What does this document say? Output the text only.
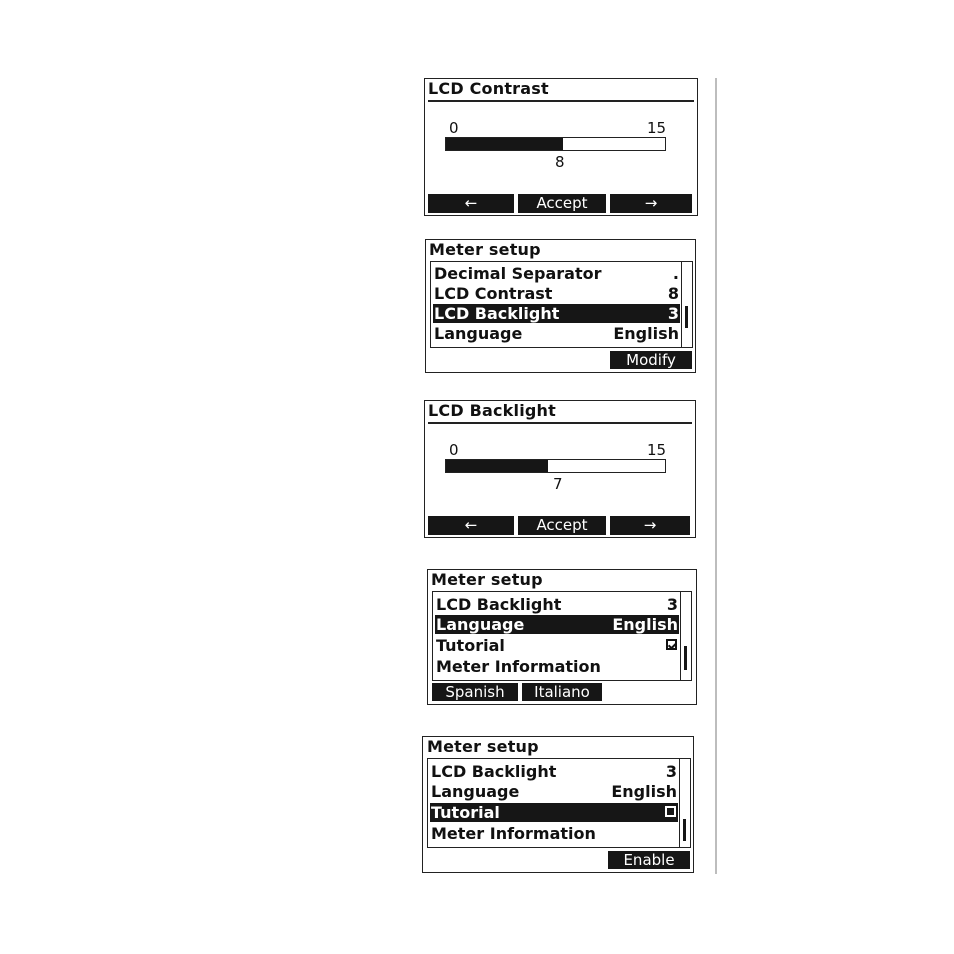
LCD Contrast
0	15
8
←	Accept	→
Meter setup
Decimal Separator	.
LCD Contrast	8
LCD Backlight	3
Language	English
Modify
LCD Backlight
0	15
7
←	Accept	→
Meter setup
LCD Backlight	3
Language	English
Tutorial
Meter Information
Spanish	Italiano
Meter setup
LCD Backlight	3
Language	English
Tutorial
Meter Information
Enable
